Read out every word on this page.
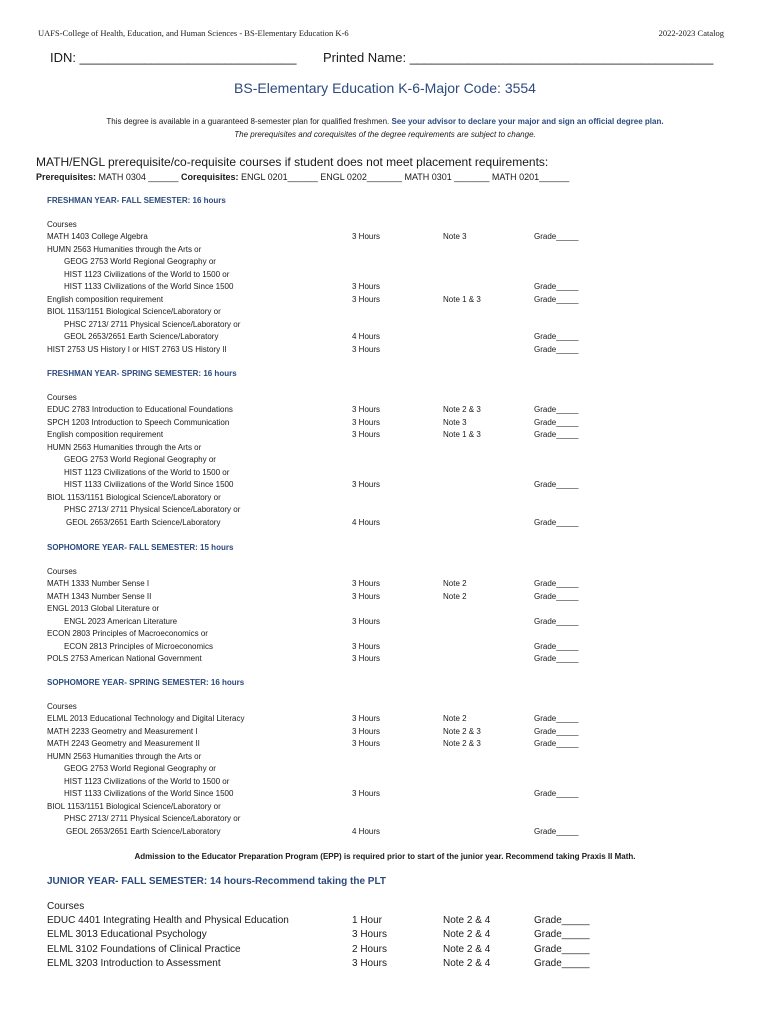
UAFS-College of Health, Education, and Human Sciences - BS-Elementary Education K-6	2022-2023 Catalog
IDN: ______________________________ Printed Name: __________________________________________
BS-Elementary Education K-6-Major Code: 3554
This degree is available in a guaranteed 8-semester plan for qualified freshmen. See your advisor to declare your major and sign an official degree plan.
The prerequisites and corequisites of the degree requirements are subject to change.
MATH/ENGL prerequisite/co-requisite courses if student does not meet placement requirements:
Prerequisites: MATH 0304 ______ Corequisites: ENGL 0201______ ENGL 0202_______ MATH 0301 _______ MATH 0201______
FRESHMAN YEAR- FALL SEMESTER: 16 hours
Courses
MATH 1403 College Algebra	3 Hours	Note 3	Grade_____
HUMN 2563 Humanities through the Arts or
GEOG 2753 World Regional Geography or
HIST 1123 Civilizations of the World to 1500 or
HIST 1133 Civilizations of the World Since 1500	3 Hours	Grade_____
English composition requirement	3 Hours	Note 1 & 3	Grade_____
BIOL 1153/1151 Biological Science/Laboratory or
PHSC 2713/ 2711 Physical Science/Laboratory or
GEOL 2653/2651 Earth Science/Laboratory	4 Hours	Grade_____
HIST 2753 US History I or HIST 2763 US History II	3 Hours	Grade_____
FRESHMAN YEAR- SPRING SEMESTER: 16 hours
Courses
EDUC 2783 Introduction to Educational Foundations	3 Hours	Note 2 & 3	Grade_____
SPCH 1203 Introduction to Speech Communication	3 Hours	Note 3	Grade_____
English composition requirement	3 Hours	Note 1 & 3	Grade_____
HUMN 2563 Humanities through the Arts or
GEOG 2753 World Regional Geography or
HIST 1123 Civilizations of the World to 1500 or
HIST 1133 Civilizations of the World Since 1500	3 Hours	Grade_____
BIOL 1153/1151 Biological Science/Laboratory or
PHSC 2713/ 2711 Physical Science/Laboratory or
GEOL 2653/2651 Earth Science/Laboratory	4 Hours	Grade_____
SOPHOMORE YEAR- FALL SEMESTER: 15 hours
Courses
MATH 1333 Number Sense I	3 Hours	Note 2	Grade_____
MATH 1343 Number Sense II	3 Hours	Note 2	Grade_____
ENGL 2013 Global Literature or
ENGL 2023 American Literature	3 Hours	Grade_____
ECON 2803 Principles of Macroeconomics or
ECON 2813 Principles of Microeconomics	3 Hours	Grade_____
POLS 2753 American National Government	3 Hours	Grade_____
SOPHOMORE YEAR- SPRING SEMESTER: 16 hours
Courses
ELML 2013 Educational Technology and Digital Literacy	3 Hours	Note 2	Grade_____
MATH 2233 Geometry and Measurement I	3 Hours	Note 2 & 3	Grade_____
MATH 2243 Geometry and Measurement II	3 Hours	Note 2 & 3	Grade_____
HUMN 2563 Humanities through the Arts or
GEOG 2753 World Regional Geography or
HIST 1123 Civilizations of the World to 1500 or
HIST 1133 Civilizations of the World Since 1500	3 Hours	Grade_____
BIOL 1153/1151 Biological Science/Laboratory or
PHSC 2713/ 2711 Physical Science/Laboratory or
GEOL 2653/2651 Earth Science/Laboratory	4 Hours	Grade_____
Admission to the Educator Preparation Program (EPP) is required prior to start of the junior year. Recommend taking Praxis II Math.
JUNIOR YEAR- FALL SEMESTER: 14 hours-Recommend taking the PLT
Courses
EDUC 4401 Integrating Health and Physical Education	1 Hour	Note 2 & 4	Grade_____
ELML 3013 Educational Psychology	3 Hours	Note 2 & 4	Grade_____
ELML 3102 Foundations of Clinical Practice	2 Hours	Note 2 & 4	Grade_____
ELML 3203 Introduction to Assessment	3 Hours	Note 2 & 4	Grade_____
